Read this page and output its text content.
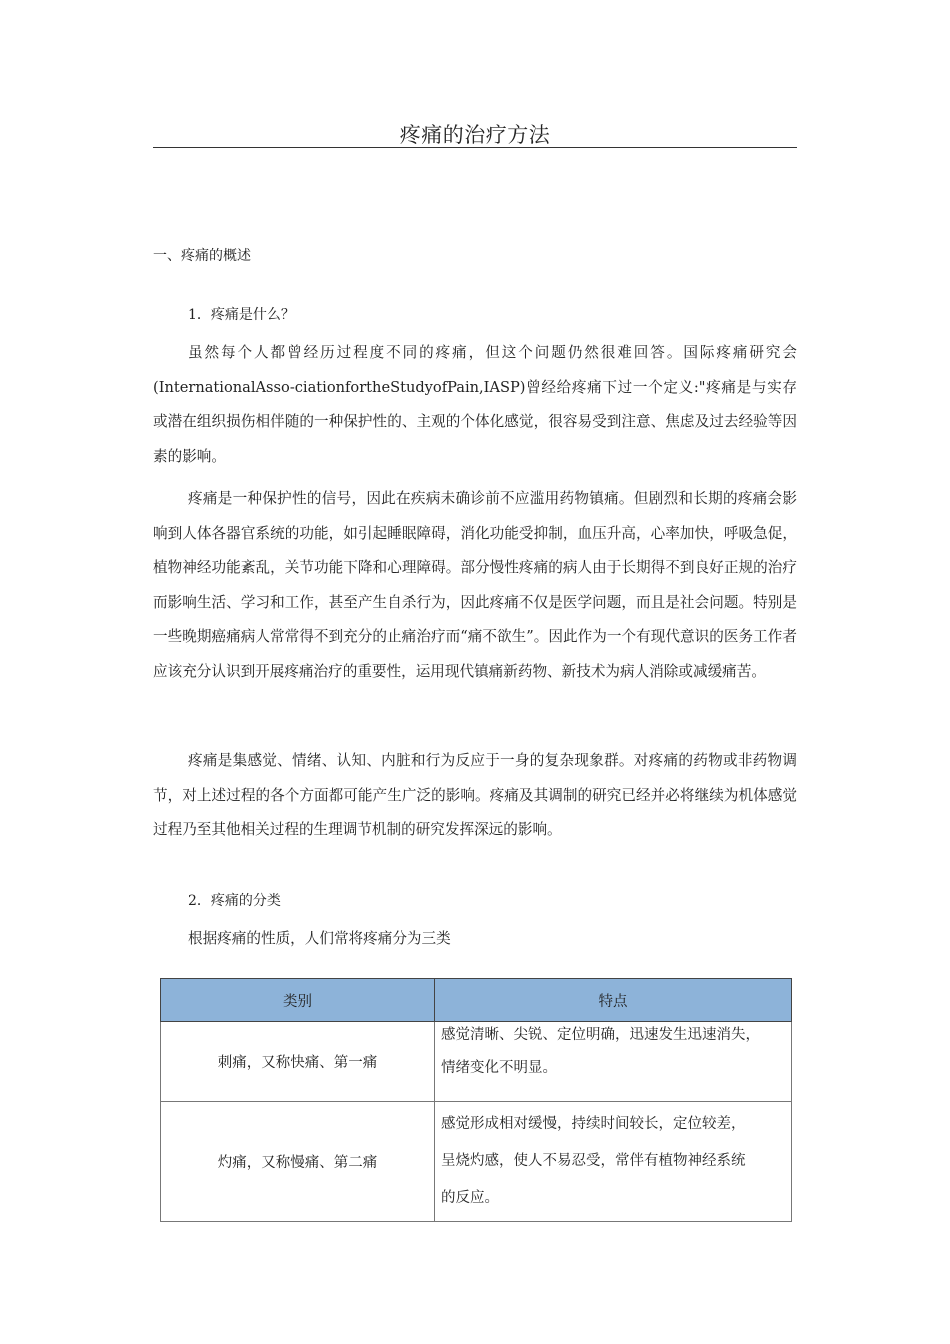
疼痛的治疗方法
一、疼痛的概述
1．疼痛是什么？

虽然每个人都曾经历过程度不同的疼痛，但这个问题仍然很难回答。国际疼痛研究会(InternationalAsso-ciationfortheStudyofPain,IASP)曾经给疼痛下过一个定义:"疼痛是与实存或潜在组织损伤相伴随的一种保护性的、主观的个体化感觉，很容易受到注意、焦虑及过去经验等因素的影响。

疼痛是一种保护性的信号，因此在疾病未确诊前不应滥用药物镇痛。但剧烈和长期的疼痛会影响到人体各器官系统的功能，如引起睡眠障碍，消化功能受抑制，血压升高，心率加快，呼吸急促，植物神经功能紊乱，关节功能下降和心理障碍。部分慢性疼痛的病人由于长期得不到良好正规的治疗而影响生活、学习和工作，甚至产生自杀行为，因此疼痛不仅是医学问题，而且是社会问题。特别是一些晚期癌痛病人常常得不到充分的止痛治疗而“痛不欲生”。因此作为一个有现代意识的医务工作者应该充分认识到开展疼痛治疗的重要性，运用现代镇痛新药物、新技术为病人消除或减缓痛苦。

疼痛是集感觉、情绪、认知、内脏和行为反应于一身的复杂现象群。对疼痛的药物或非药物调节，对上述过程的各个方面都可能产生广泛的影响。疼痛及其调制的研究已经并必将继续为机体感觉过程乃至其他相关过程的生理调节机制的研究发挥深远的影响。

2．疼痛的分类
根据疼痛的性质，人们常将疼痛分为三类
类别	特点
刺痛，又称快痛、第一痛	感觉清晰、尖锐、定位明确，迅速发生迅速消失，
情绪变化不明显。

灼痛，又称慢痛、第二痛	感觉形成相对缓慢，持续时间较长，定位较差，
呈烧灼感，使人不易忍受，常伴有植物神经系统
的反应。
